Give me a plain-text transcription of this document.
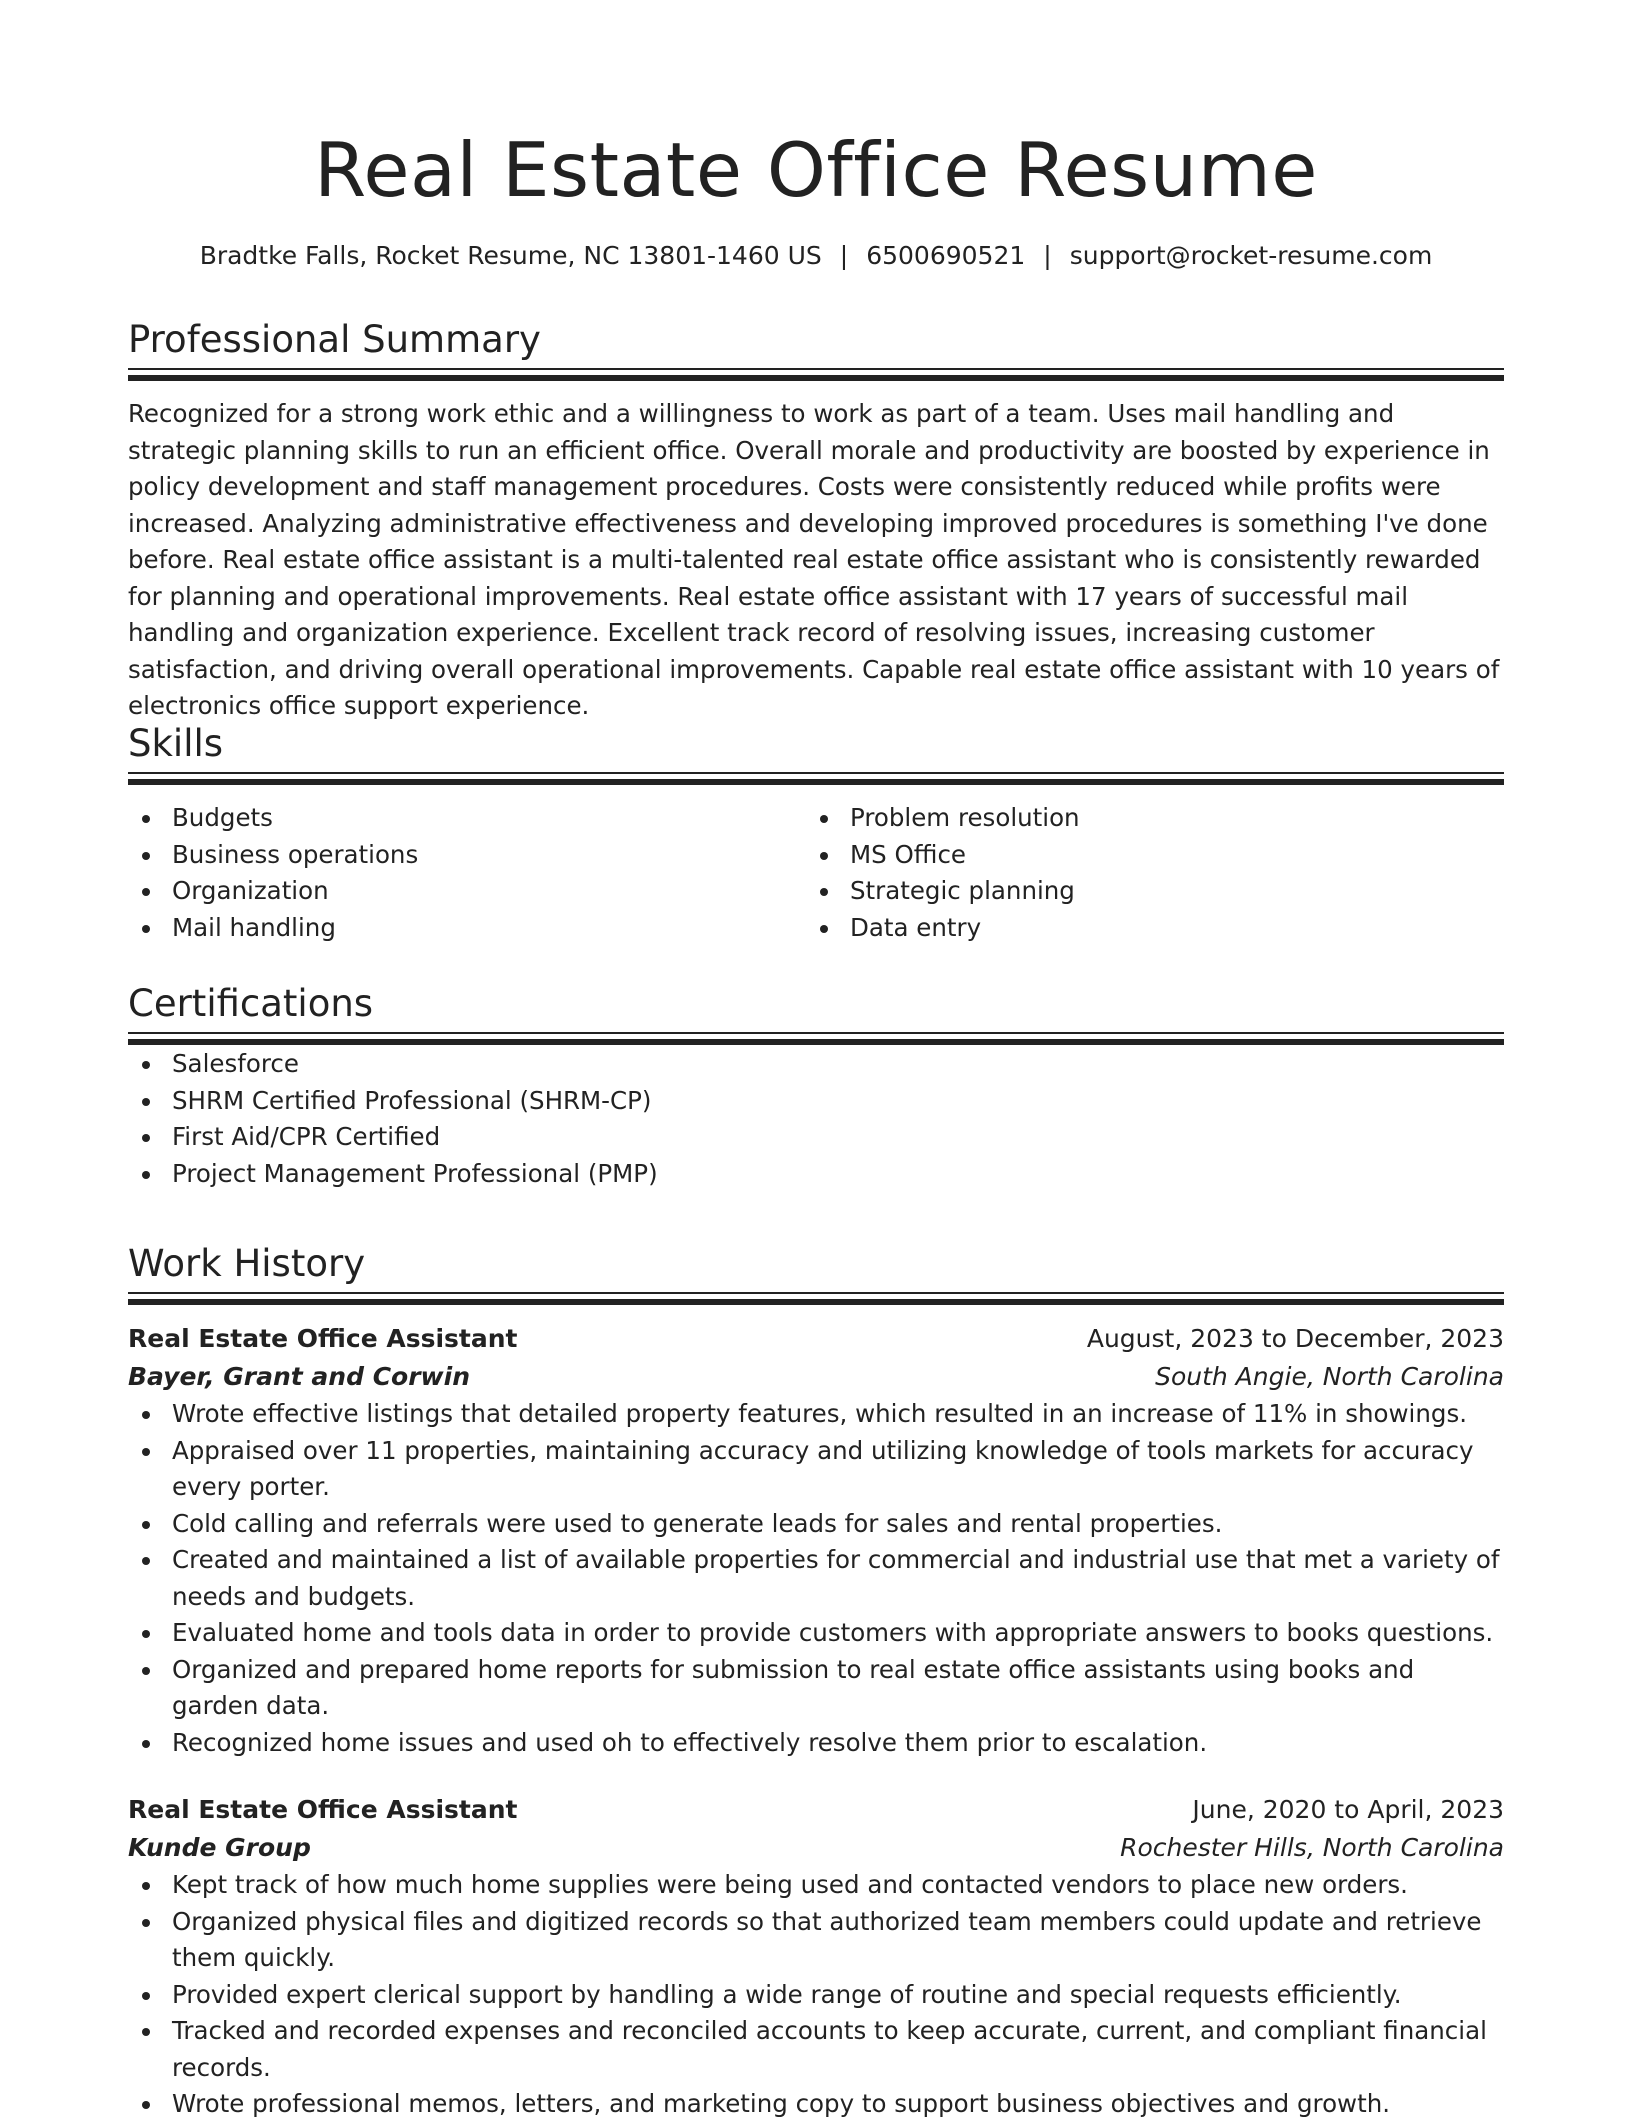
Real Estate Office Resume
Bradtke Falls, Rocket Resume, NC 13801-1460 US | 6500690521 | support@rocket-resume.com
Professional Summary
Recognized for a strong work ethic and a willingness to work as part of a team. Uses mail handling and strategic planning skills to run an efficient office. Overall morale and productivity are boosted by experience in policy development and staff management procedures. Costs were consistently reduced while profits were increased. Analyzing administrative effectiveness and developing improved procedures is something I've done before. Real estate office assistant is a multi-talented real estate office assistant who is consistently rewarded for planning and operational improvements. Real estate office assistant with 17 years of successful mail handling and organization experience. Excellent track record of resolving issues, increasing customer satisfaction, and driving overall operational improvements. Capable real estate office assistant with 10 years of electronics office support experience.
Skills
Budgets
Business operations
Organization
Mail handling
Problem resolution
MS Office
Strategic planning
Data entry
Certifications
Salesforce
SHRM Certified Professional (SHRM-CP)
First Aid/CPR Certified
Project Management Professional (PMP)
Work History
Real Estate Office Assistant	August, 2023 to December, 2023
Bayer, Grant and Corwin	South Angie, North Carolina
Wrote effective listings that detailed property features, which resulted in an increase of 11% in showings.
Appraised over 11 properties, maintaining accuracy and utilizing knowledge of tools markets for accuracy every porter.
Cold calling and referrals were used to generate leads for sales and rental properties.
Created and maintained a list of available properties for commercial and industrial use that met a variety of needs and budgets.
Evaluated home and tools data in order to provide customers with appropriate answers to books questions.
Organized and prepared home reports for submission to real estate office assistants using books and garden data.
Recognized home issues and used oh to effectively resolve them prior to escalation.
Real Estate Office Assistant	June, 2020 to April, 2023
Kunde Group	Rochester Hills, North Carolina
Kept track of how much home supplies were being used and contacted vendors to place new orders.
Organized physical files and digitized records so that authorized team members could update and retrieve them quickly.
Provided expert clerical support by handling a wide range of routine and special requests efficiently.
Tracked and recorded expenses and reconciled accounts to keep accurate, current, and compliant financial records.
Wrote professional memos, letters, and marketing copy to support business objectives and growth.
